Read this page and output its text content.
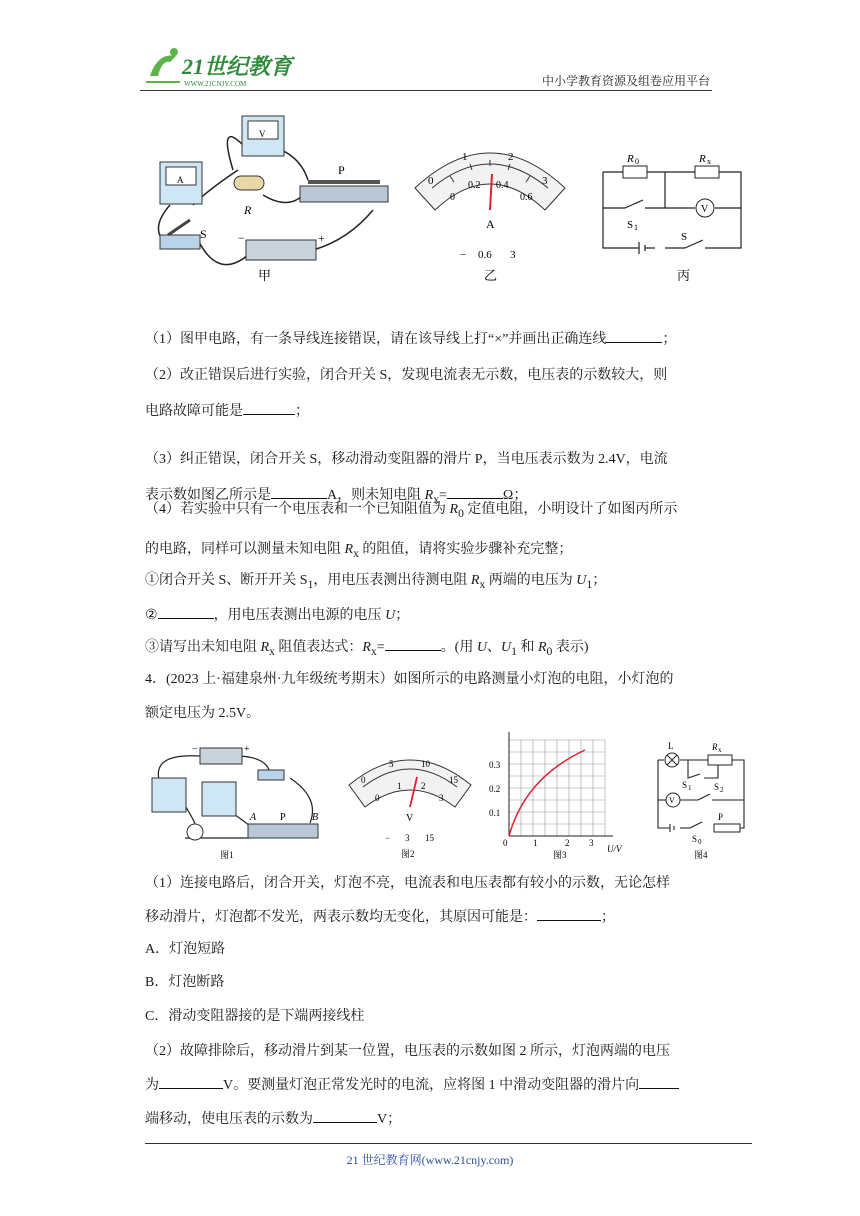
21世纪教育
WWW.21CNJY.COM	中小学教育资源及组卷应用平台
A
V
R
P
S	−	+
甲
0
1	2
3
0
0.2 0.4
0.6
A
− 0.6 3
乙
V
R 0	R x
S 1
S
丙
（1）图甲电路，有一条导线连接错误，请在该导线上打“×”并画出正确连线	；
（2）改正错误后进行实验，闭合开关 S，发现电流表无示数，电压表的示数较大，则
电路故障可能是	；
（3）纠正错误，闭合开关 S，移动滑动变阻器的滑片 P，当电压表示数为 2.4V，电流
表示数如图乙所示是	A，则未知电阻 $R_x=$	Ω；
（4）若实验中只有一个电压表和一个已知阻值为 $R_0$ 定值电阻，小明设计了如图丙所示
的电路，同样可以测量未知电阻 $R_x$ 的阻值，请将实验步骤补充完整；
①闭合开关 S、断开开关 $S_1$，用电压表测出待测电阻 $R_x$ 两端的电压为 $U_1$；
②	，用电压表测出电源的电压 U；
③请写出未知电阻 $R_x$ 阻值表达式：$R_x=$	。(用 U、$U_1$ 和 $R_0$ 表示)
4．(2023 上·福建泉州·九年级统考期末）如图所示的电路测量小灯泡的电阻，小灯泡的
额定电压为 2.5V。
−	+
A P	B
图1
0
5	10
15
0
1 2
3
V
− 3 15
图2
0.3
0.2
0.1
0	1	2 3
U/V
图3
V
L	R x
S 1	S 2
S 0
P
图4
（1）连接电路后，闭合开关，灯泡不亮，电流表和电压表都有较小的示数，无论怎样
移动滑片，灯泡都不发光，两表示数均无变化，其原因可能是：	；
A．灯泡短路
B．灯泡断路
C．滑动变阻器接的是下端两接线柱
（2）故障排除后，移动滑片到某一位置，电压表的示数如图 2 所示，灯泡两端的电压
为	V。要测量灯泡正常发光时的电流，应将图 1 中滑动变阻器的滑片向
端移动，使电压表的示数为	V；
21 世纪教育网(www.21cnjy.com)
